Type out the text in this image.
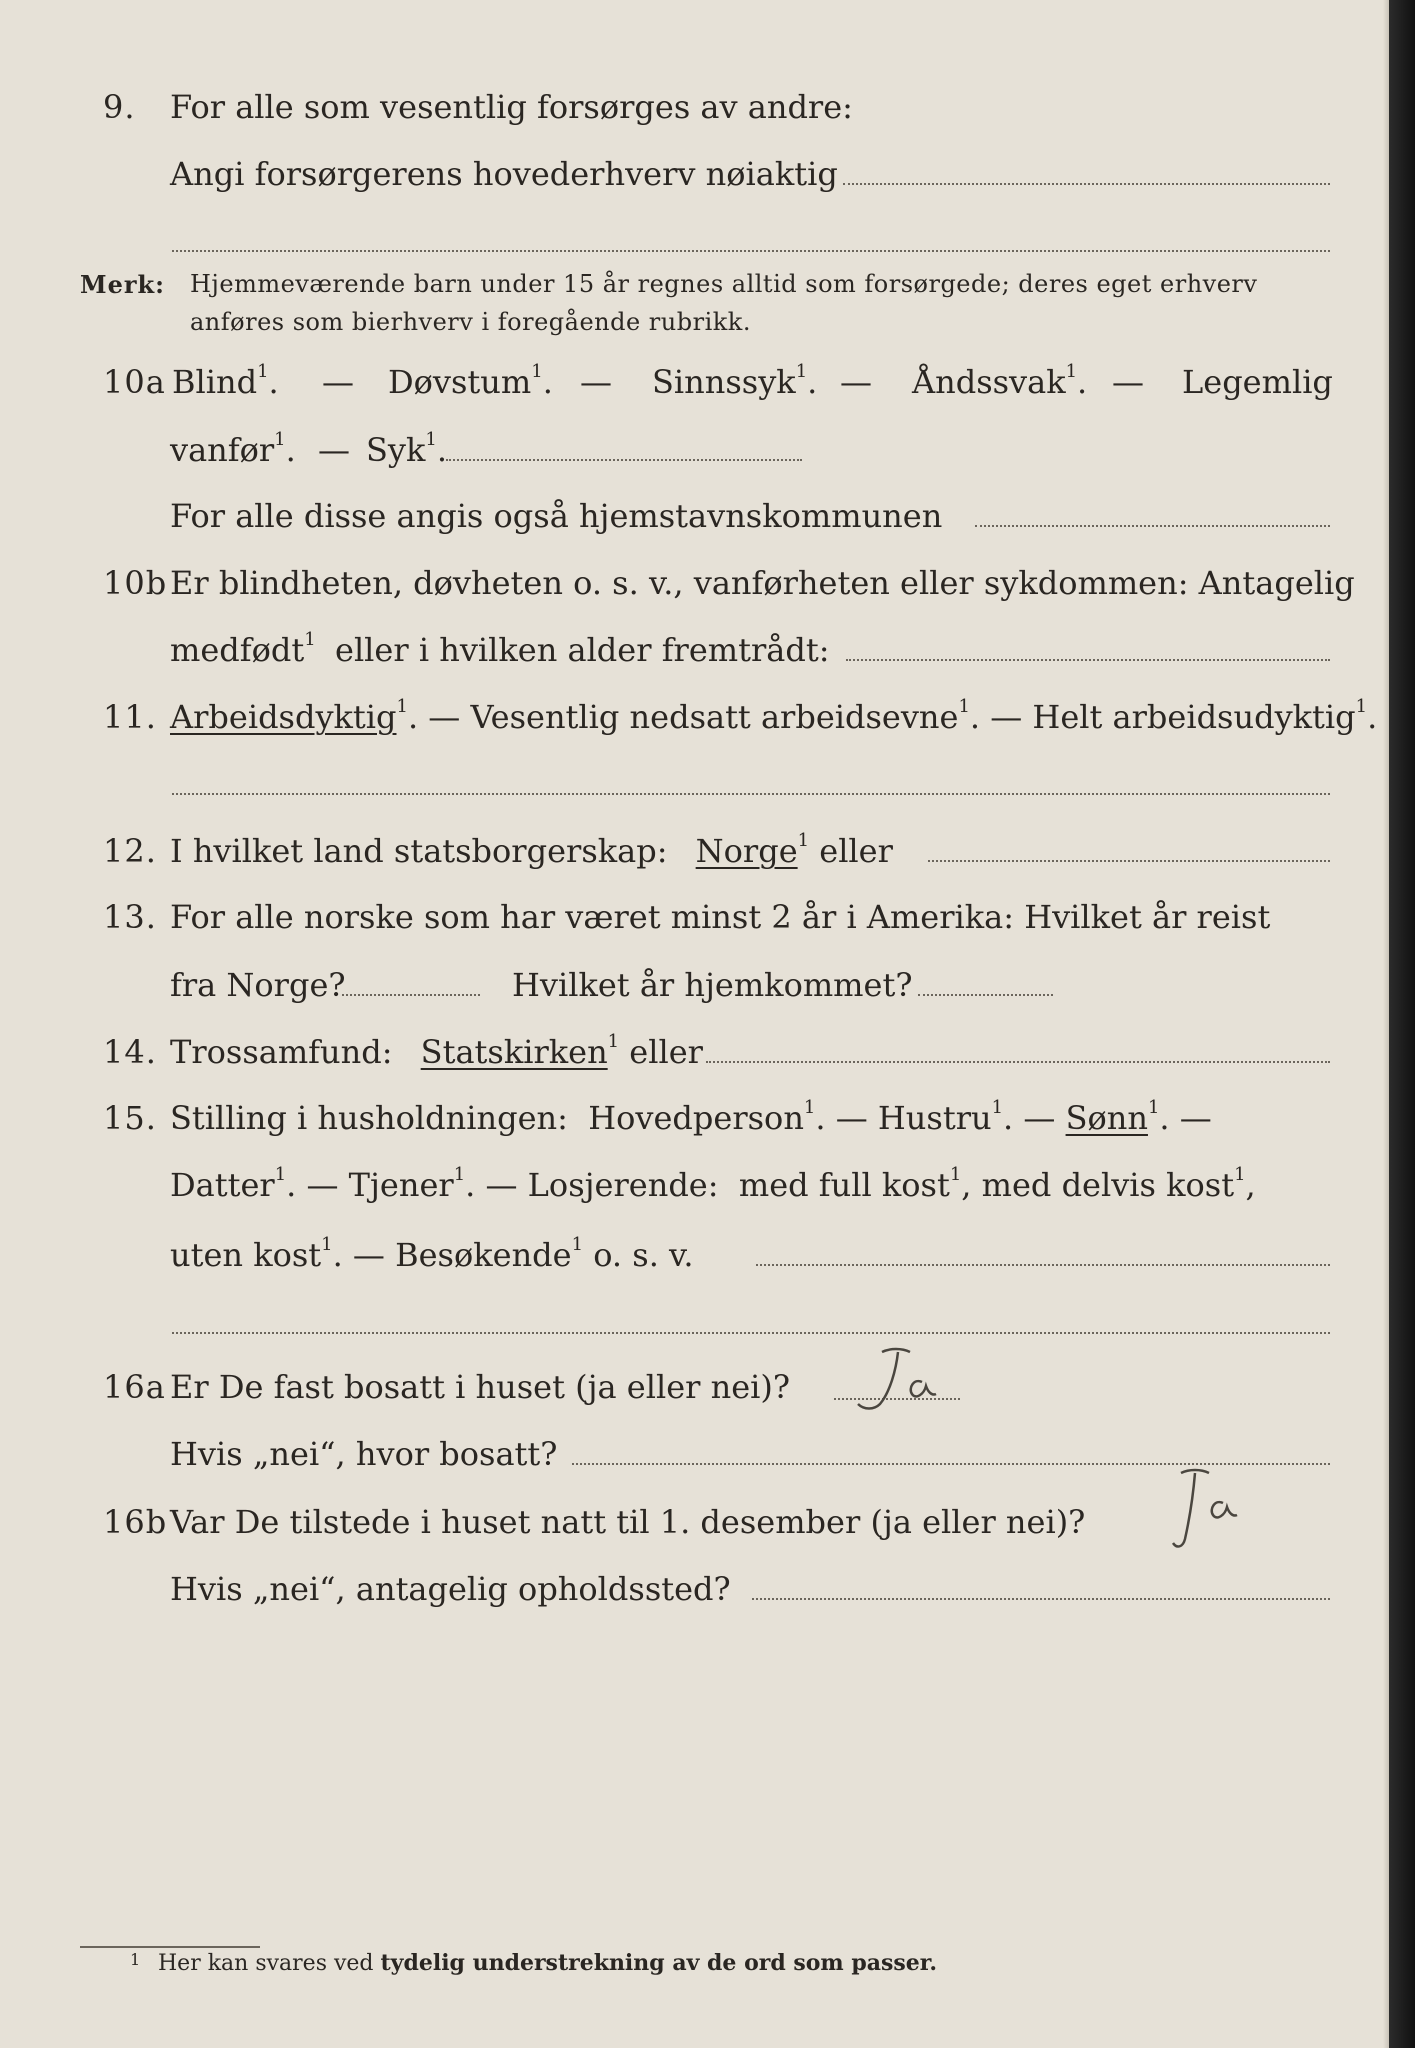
9. For alle som vesentlig forsørges av andre:
Angi forsørgerens hovederhverv nøiaktig
Merk: Hjemmeværende barn under 15 år regnes alltid som forsørgede; deres eget erhverv
anføres som bierhverv i foregående rubrikk.
10a Blind$^1$. — Døvstum$^1$. — Sinnssyk$^1$. — Åndssvak$^1$. — Legemlig
vanfør$^1$. — Syk$^1$.
For alle disse angis også hjemstavnskommunen
10b Er blindheten, døvheten o. s. v., vanførheten eller sykdommen: Antagelig
medfødt$^1$ eller i hvilken alder fremtrådt:
11. Arbeidsdyktig$^1$. — Vesentlig nedsatt arbeidsevne$^1$. — Helt arbeidsudyktig$^1$.
12. I hvilket land statsborgerskap: Norge$^1$ eller
13. For alle norske som har været minst 2 år i Amerika: Hvilket år reist
fra Norge?	Hvilket år hjemkommet?
14. Trossamfund: Statskirken$^1$ eller
15. Stilling i husholdningen: Hovedperson$^1$. — Hustru$^1$. — Sønn$^1$. —
Datter$^1$. — Tjener$^1$. — Losjerende: med full kost$^1$, med delvis kost$^1$,
uten kost$^1$. — Besøkende$^1$ o. s. v.
16a Er De fast bosatt i huset (ja eller nei)?
Hvis „nei“, hvor bosatt?
16b Var De tilstede i huset natt til 1. desember (ja eller nei)?
Hvis „nei“, antagelig opholdssted?
1 Her kan svares ved tydelig understrekning av de ord som passer.
